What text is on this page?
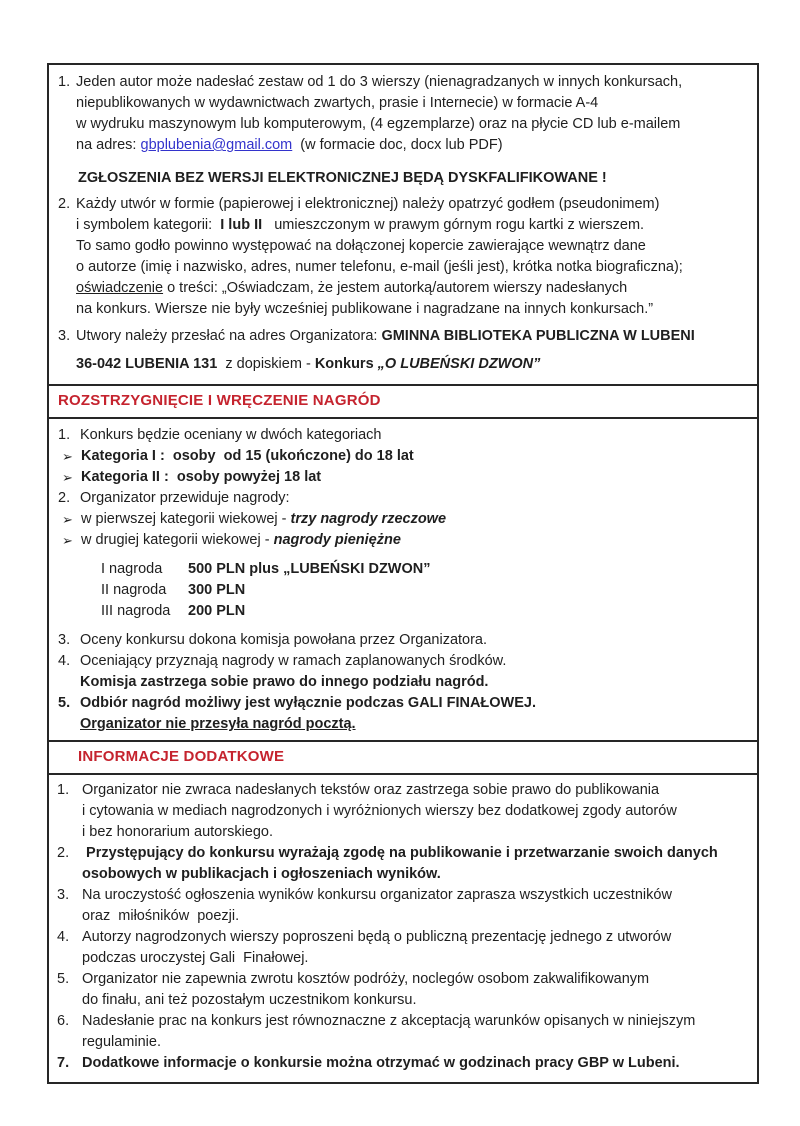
1. Jeden autor może nadesłać zestaw od 1 do 3 wierszy (nienagradzanych w innych konkursach,
niepublikowanych w wydawnictwach zwartych, prasie i Internecie) w formacie A-4
w wydruku maszynowym lub komputerowym, (4 egzemplarze) oraz na płycie CD lub e-mailem
na adres: gbplubenia@gmail.com  (w formacie doc, docx lub PDF)
ZGŁOSZENIA BEZ WERSJI ELEKTRONICZNEJ BĘDĄ DYSKFALIFIKOWANE !
2. Każdy utwór w formie (papierowej i elektronicznej) należy opatrzyć godłem (pseudonimem)
i symbolem kategorii:  I lub II   umieszczonym w prawym górnym rogu kartki z wierszem.
To samo godło powinno występować na dołączonej kopercie zawierające wewnątrz dane
o autorze (imię i nazwisko, adres, numer telefonu, e-mail (jeśli jest), krótka notka biograficzna);
oświadczenie o treści: „Oświadczam, że jestem autorką/autorem wierszy nadesłanych
na konkurs. Wiersze nie były wcześniej publikowane i nagradzane na innych konkursach.”
3. Utwory należy przesłać na adres Organizatora: GMINNA BIBLIOTEKA PUBLICZNA W LUBENI
36-042 LUBENIA 131  z dopiskiem - Konkurs „O LUBEŃSKI DZWON”
ROZSTRZYGNIĘCIE I WRĘCZENIE NAGRÓD
1. Konkurs będzie oceniany w dwóch kategoriach
➢ Kategoria I :  osoby  od 15 (ukończone) do 18 lat
➢ Kategoria II :  osoby powyżej 18 lat
2. Organizator przewiduje nagrody:
➢ w pierwszej kategorii wiekowej - trzy nagrody rzeczowe
➢ w drugiej kategorii wiekowej - nagrody pieniężne
I nagroda 500 PLN plus „LUBEŃSKI DZWON”
II nagroda 300 PLN
III nagroda 200 PLN
3. Oceny konkursu dokona komisja powołana przez Organizatora.
4. Oceniający przyznają nagrody w ramach zaplanowanych środków.
Komisja zastrzega sobie prawo do innego podziału nagród.
5. Odbiór nagród możliwy jest wyłącznie podczas GALI FINAŁOWEJ.
Organizator nie przesyła nagród pocztą.
INFORMACJE DODATKOWE
1. Organizator nie zwraca nadesłanych tekstów oraz zastrzega sobie prawo do publikowania
i cytowania w mediach nagrodzonych i wyróżnionych wierszy bez dodatkowej zgody autorów
i bez honorarium autorskiego.
2. Przystępujący do konkursu wyrażają zgodę na publikowanie i przetwarzanie swoich danych
osobowych w publikacjach i ogłoszeniach wyników.
3. Na uroczystość ogłoszenia wyników konkursu organizator zaprasza wszystkich uczestników
oraz  miłośników  poezji.
4. Autorzy nagrodzonych wierszy poproszeni będą o publiczną prezentację jednego z utworów
podczas uroczystej Gali  Finałowej.
5. Organizator nie zapewnia zwrotu kosztów podróży, noclegów osobom zakwalifikowanym
do finału, ani też pozostałym uczestnikom konkursu.
6. Nadesłanie prac na konkurs jest równoznaczne z akceptacją warunków opisanych w niniejszym
regulaminie.
7. Dodatkowe informacje o konkursie można otrzymać w godzinach pracy GBP w Lubeni.
